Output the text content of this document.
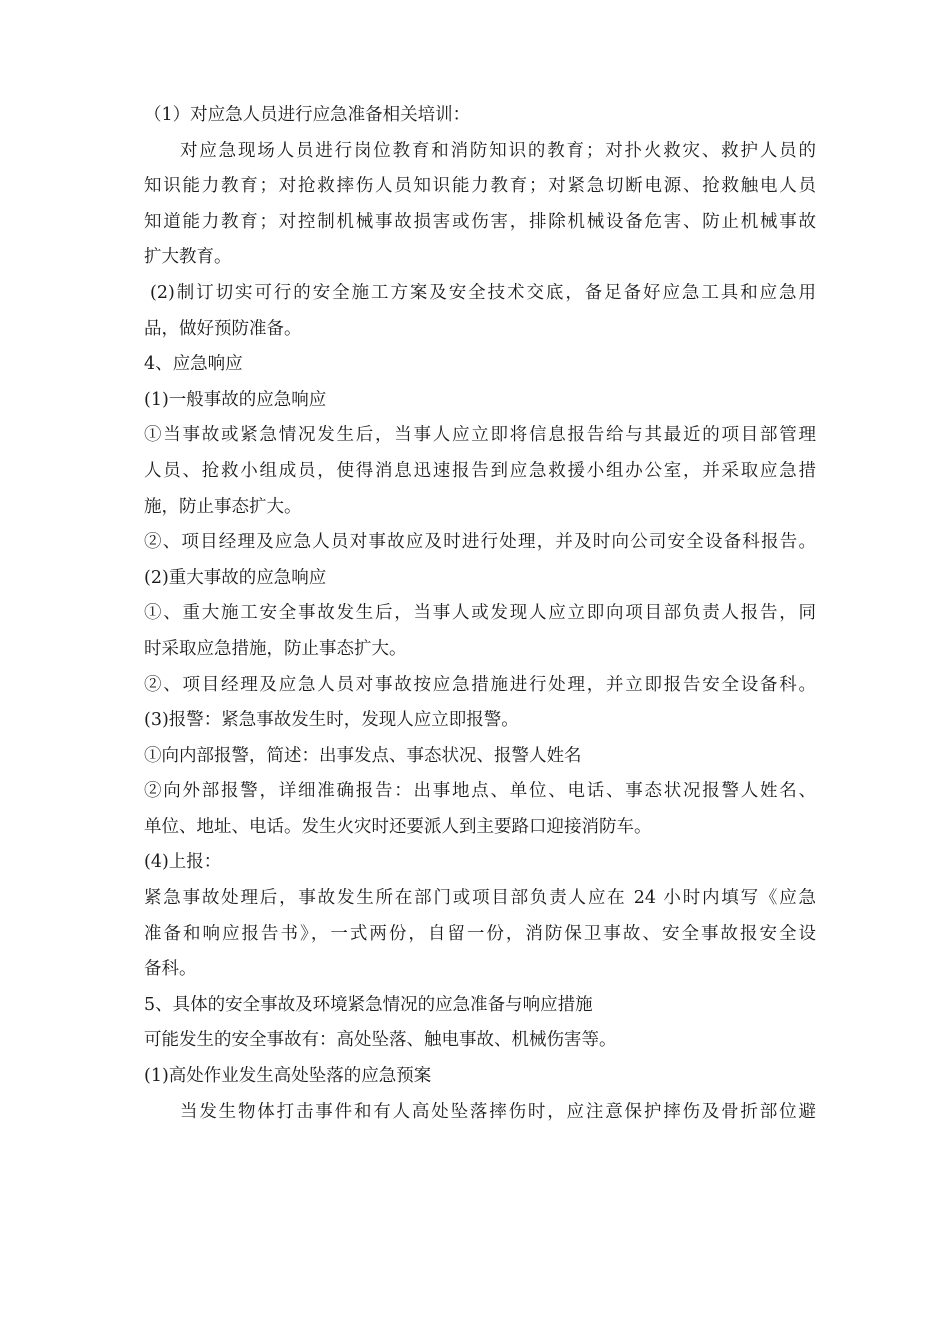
（1）对应急人员进行应急准备相关培训：
对应急现场人员进行岗位教育和消防知识的教育；对扑火救灾、救护人员的
知识能力教育；对抢救摔伤人员知识能力教育；对紧急切断电源、抢救触电人员
知道能力教育；对控制机械事故损害或伤害，排除机械设备危害、防止机械事故
扩大教育。
(2)制订切实可行的安全施工方案及安全技术交底，备足备好应急工具和应急用
品，做好预防准备。
4、应急响应
(1)一般事故的应急响应
①当事故或紧急情况发生后，当事人应立即将信息报告给与其最近的项目部管理
人员、抢救小组成员，使得消息迅速报告到应急救援小组办公室，并采取应急措
施，防止事态扩大。
②、项目经理及应急人员对事故应及时进行处理，并及时向公司安全设备科报告。
(2)重大事故的应急响应
①、重大施工安全事故发生后，当事人或发现人应立即向项目部负责人报告，同
时采取应急措施，防止事态扩大。
②、项目经理及应急人员对事故按应急措施进行处理，并立即报告安全设备科。
(3)报警：紧急事故发生时，发现人应立即报警。
①向内部报警，简述：出事发点、事态状况、报警人姓名
②向外部报警，详细准确报告：出事地点、单位、电话、事态状况报警人姓名、
单位、地址、电话。发生火灾时还要派人到主要路口迎接消防车。
(4)上报：
紧急事故处理后，事故发生所在部门或项目部负责人应在 24 小时内填写《应急
准备和响应报告书》，一式两份，自留一份，消防保卫事故、安全事故报安全设
备科。
5、具体的安全事故及环境紧急情况的应急准备与响应措施
可能发生的安全事故有：高处坠落、触电事故、机械伤害等。
(1)高处作业发生高处坠落的应急预案
当发生物体打击事件和有人高处坠落摔伤时，应注意保护摔伤及骨折部位避
